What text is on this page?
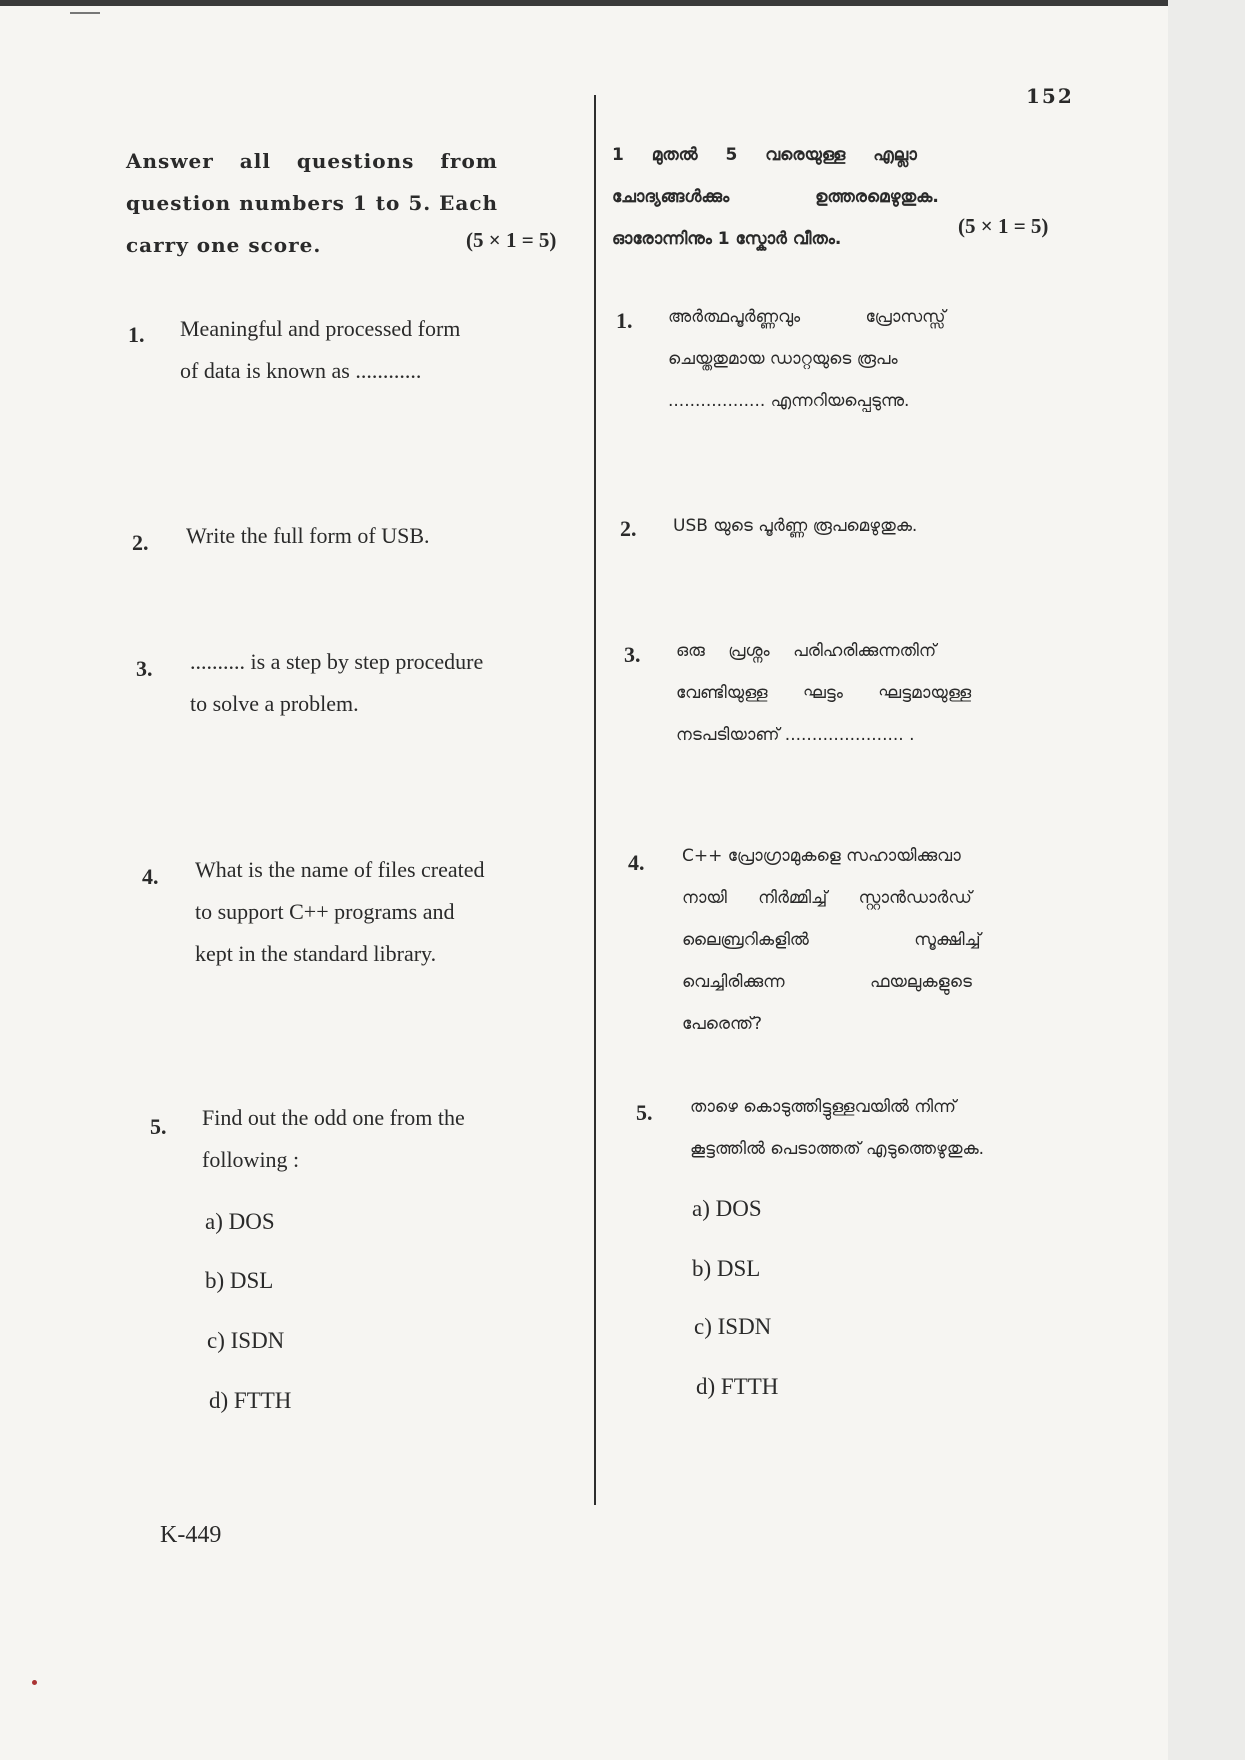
152
Answer all questions from
question numbers 1 to 5. Each
carry one score.	(5 × 1 = 5)
1 മുതൽ 5 വരെയുള്ള എല്ലാ
ചോദ്യങ്ങൾക്കും ഉത്തരമെഴുതുക.
ഓരോന്നിനും 1 സ്കോർ വീതം.
(5 × 1 = 5)
1. Meaningful and processed form
of data is known as ............
1. അർത്ഥപൂർണ്ണവും പ്രോസസ്സ്
ചെയ്തതുമായ ഡാറ്റയുടെ രൂപം
.................. എന്നറിയപ്പെടുന്നു.
2. Write the full form of USB.	2. USB യുടെ പൂർണ്ണ രൂപമെഴുതുക.
3. .......... is a step by step procedure
to solve a problem.
3. ഒരു പ്രശ്നം പരിഹരിക്കുന്നതിന്
വേണ്ടിയുള്ള ഘട്ടം ഘട്ടമായുള്ള
നടപടിയാണ് ...................... .
4. What is the name of files created
to support C++ programs and
kept in the standard library.
4. C++ പ്രോഗ്രാമുകളെ സഹായിക്കുവാ
നായി നിർമ്മിച്ച് സ്റ്റാൻഡാർഡ്
ലൈബ്രറികളിൽ സൂക്ഷിച്ച്
വെച്ചിരിക്കുന്ന ഫയലുകളുടെ
പേരെന്ത്?
5. Find out the odd one from the
following :
a) DOS
b) DSL
c) ISDN
d) FTTH
5. താഴെ കൊടുത്തിട്ടുള്ളവയിൽ നിന്ന്
കൂട്ടത്തിൽ പെടാത്തത് എടുത്തെഴുതുക.
a) DOS
b) DSL
c) ISDN
d) FTTH
K-449
